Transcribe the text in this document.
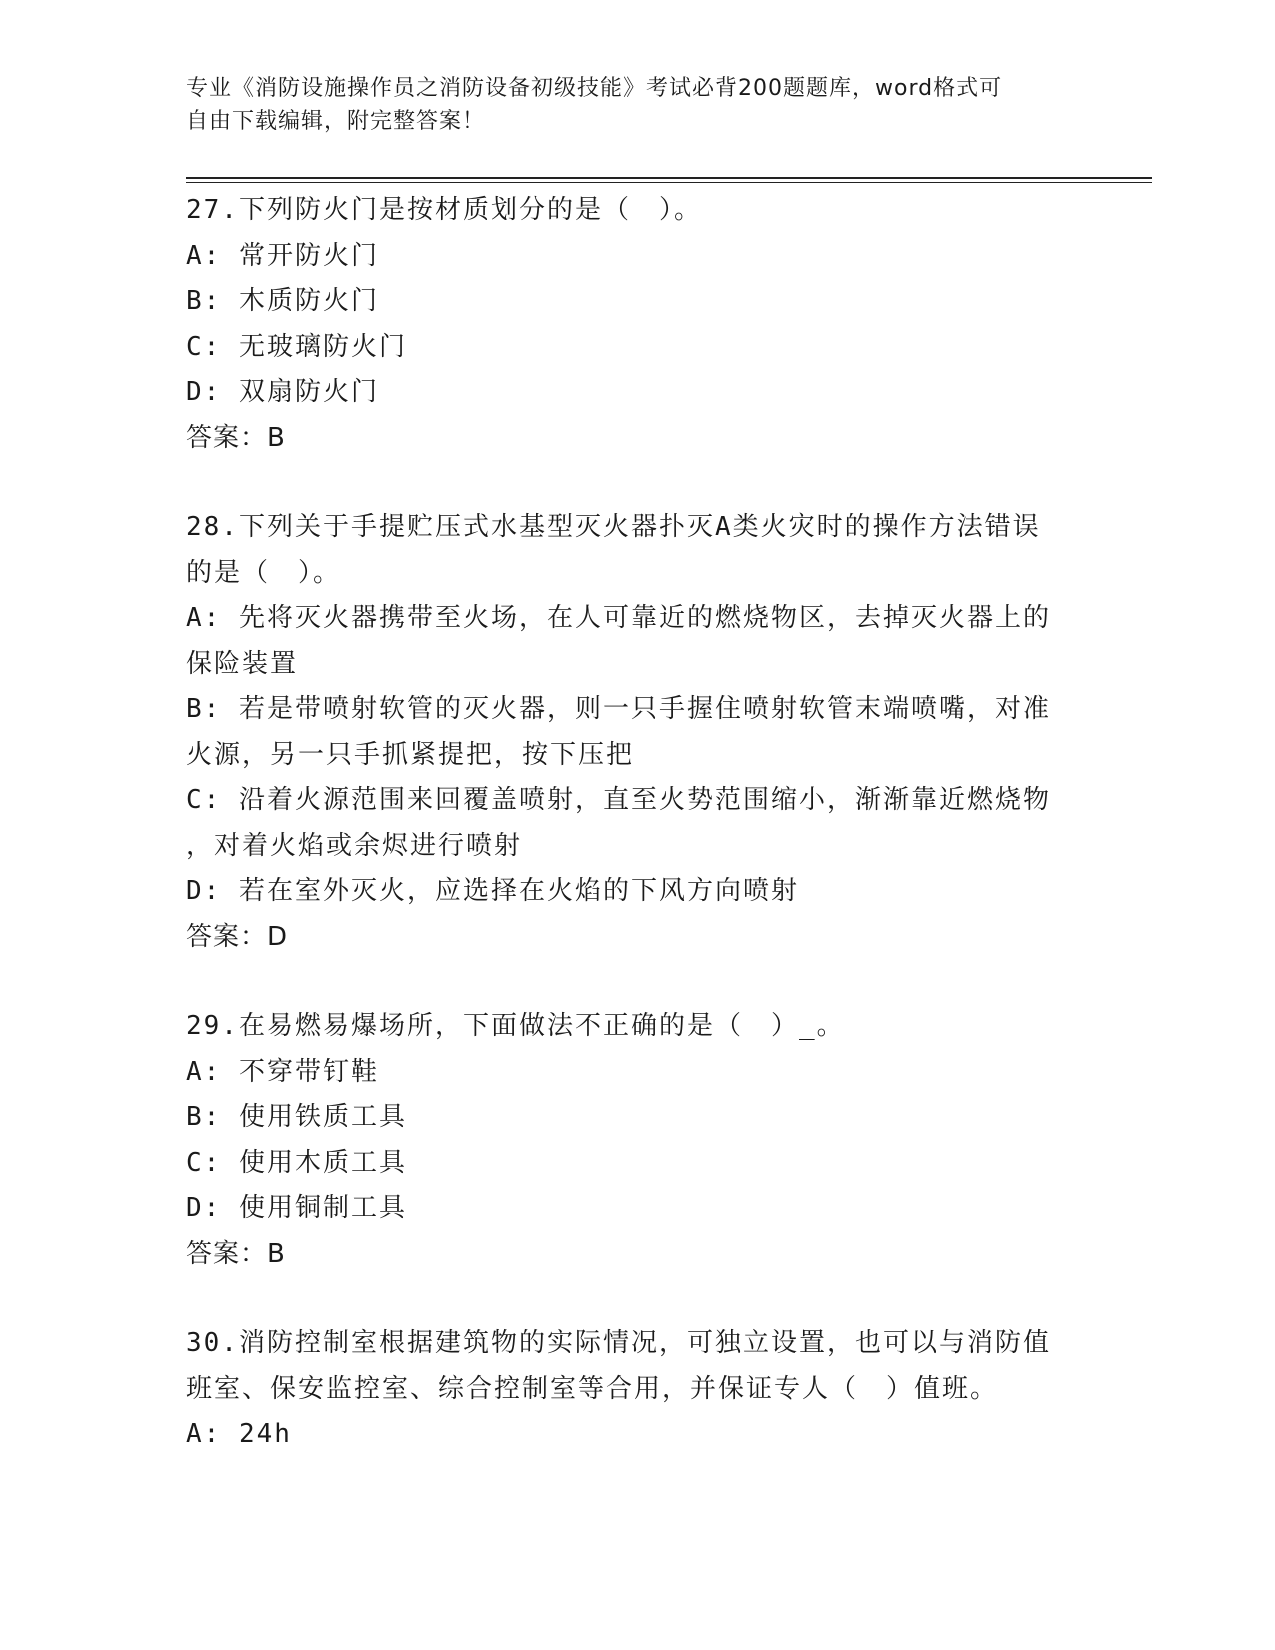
专业《消防设施操作员之消防设备初级技能》考试必背200题题库，word格式可
自由下载编辑，附完整答案！
27.下列防火门是按材质划分的是（　）。
A: 常开防火门
B: 木质防火门
C: 无玻璃防火门
D: 双扇防火门
答案：B
28.下列关于手提贮压式水基型灭火器扑灭A类火灾时的操作方法错误
的是（　）。
A: 先将灭火器携带至火场，在人可靠近的燃烧物区，去掉灭火器上的
保险装置
B: 若是带喷射软管的灭火器，则一只手握住喷射软管末端喷嘴，对准
火源，另一只手抓紧提把，按下压把
C: 沿着火源范围来回覆盖喷射，直至火势范围缩小，渐渐靠近燃烧物
，对着火焰或余烬进行喷射
D: 若在室外灭火，应选择在火焰的下风方向喷射
答案：D
29.在易燃易爆场所，下面做法不正确的是（　）_。
A: 不穿带钉鞋
B: 使用铁质工具
C: 使用木质工具
D: 使用铜制工具
答案：B
30.消防控制室根据建筑物的实际情况，可独立设置，也可以与消防值
班室、保安监控室、综合控制室等合用，并保证专人（　）值班。
A: 24h
